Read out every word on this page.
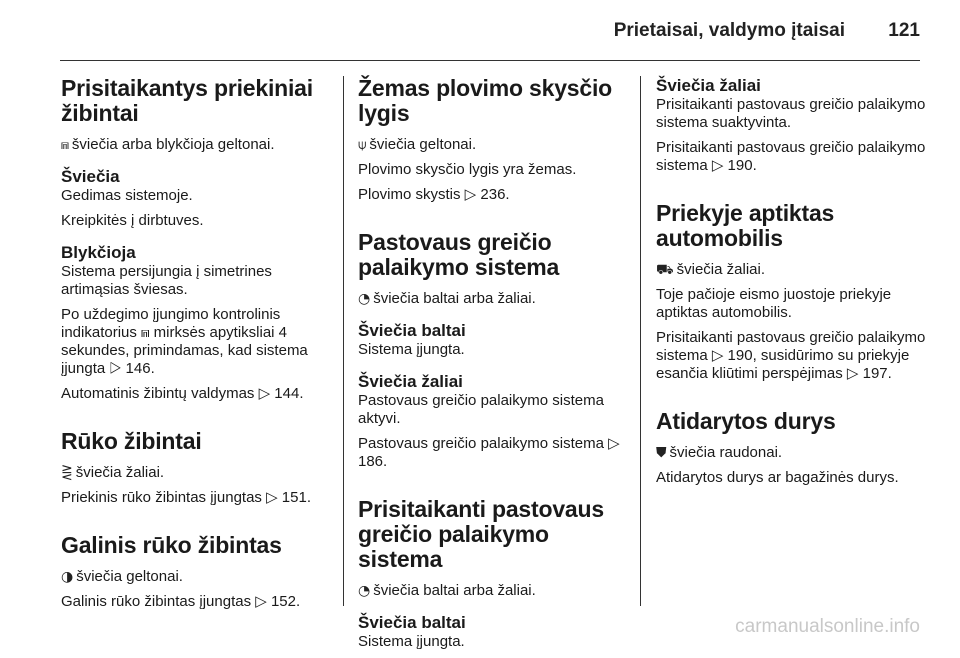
Prietaisai, valdymo įtaisai 121
Prisitaikantys priekiniai žibintai

⩎ šviečia arba blykčioja geltonai.

Šviečia

Gedimas sistemoje.

Kreipkitės į dirbtuves.

Blykčioja

Sistema persijungia į simetrines artimąsias šviesas.

Po uždegimo įjungimo kontrolinis indikatorius ⩎ mirksės apytiksliai 4 sekundes, primindamas, kad sistema įjungta ▷ 146.

Automatinis žibintų valdymas ▷ 144.

Rūko žibintai

⋛ šviečia žaliai.

Priekinis rūko žibintas įjungtas ▷ 151.

Galinis rūko žibintas

◑ šviečia geltonai.

Galinis rūko žibintas įjungtas ▷ 152.

Žemas plovimo skysčio lygis

⍦ šviečia geltonai.

Plovimo skysčio lygis yra žemas.

Plovimo skystis ▷ 236.

Pastovaus greičio palaikymo sistema

◔ šviečia baltai arba žaliai.

Šviečia baltai

Sistema įjungta.

Šviečia žaliai

Pastovaus greičio palaikymo sistema aktyvi.

Pastovaus greičio palaikymo sistema ▷ 186.

Prisitaikanti pastovaus greičio palaikymo sistema

◔ šviečia baltai arba žaliai.

Šviečia baltai

Sistema įjungta.

Šviečia žaliai

Prisitaikanti pastovaus greičio palaikymo sistema suaktyvinta.

Prisitaikanti pastovaus greičio palaikymo sistema ▷ 190.

Priekyje aptiktas automobilis

⛟ šviečia žaliai.

Toje pačioje eismo juostoje priekyje aptiktas automobilis.

Prisitaikanti pastovaus greičio palaikymo sistema ▷ 190, susidūrimo su priekyje esančia kliūtimi perspėjimas ▷ 197.

Atidarytos durys

⛊ šviečia raudonai.

Atidarytos durys ar bagažinės durys.

carmanualsonline.info
